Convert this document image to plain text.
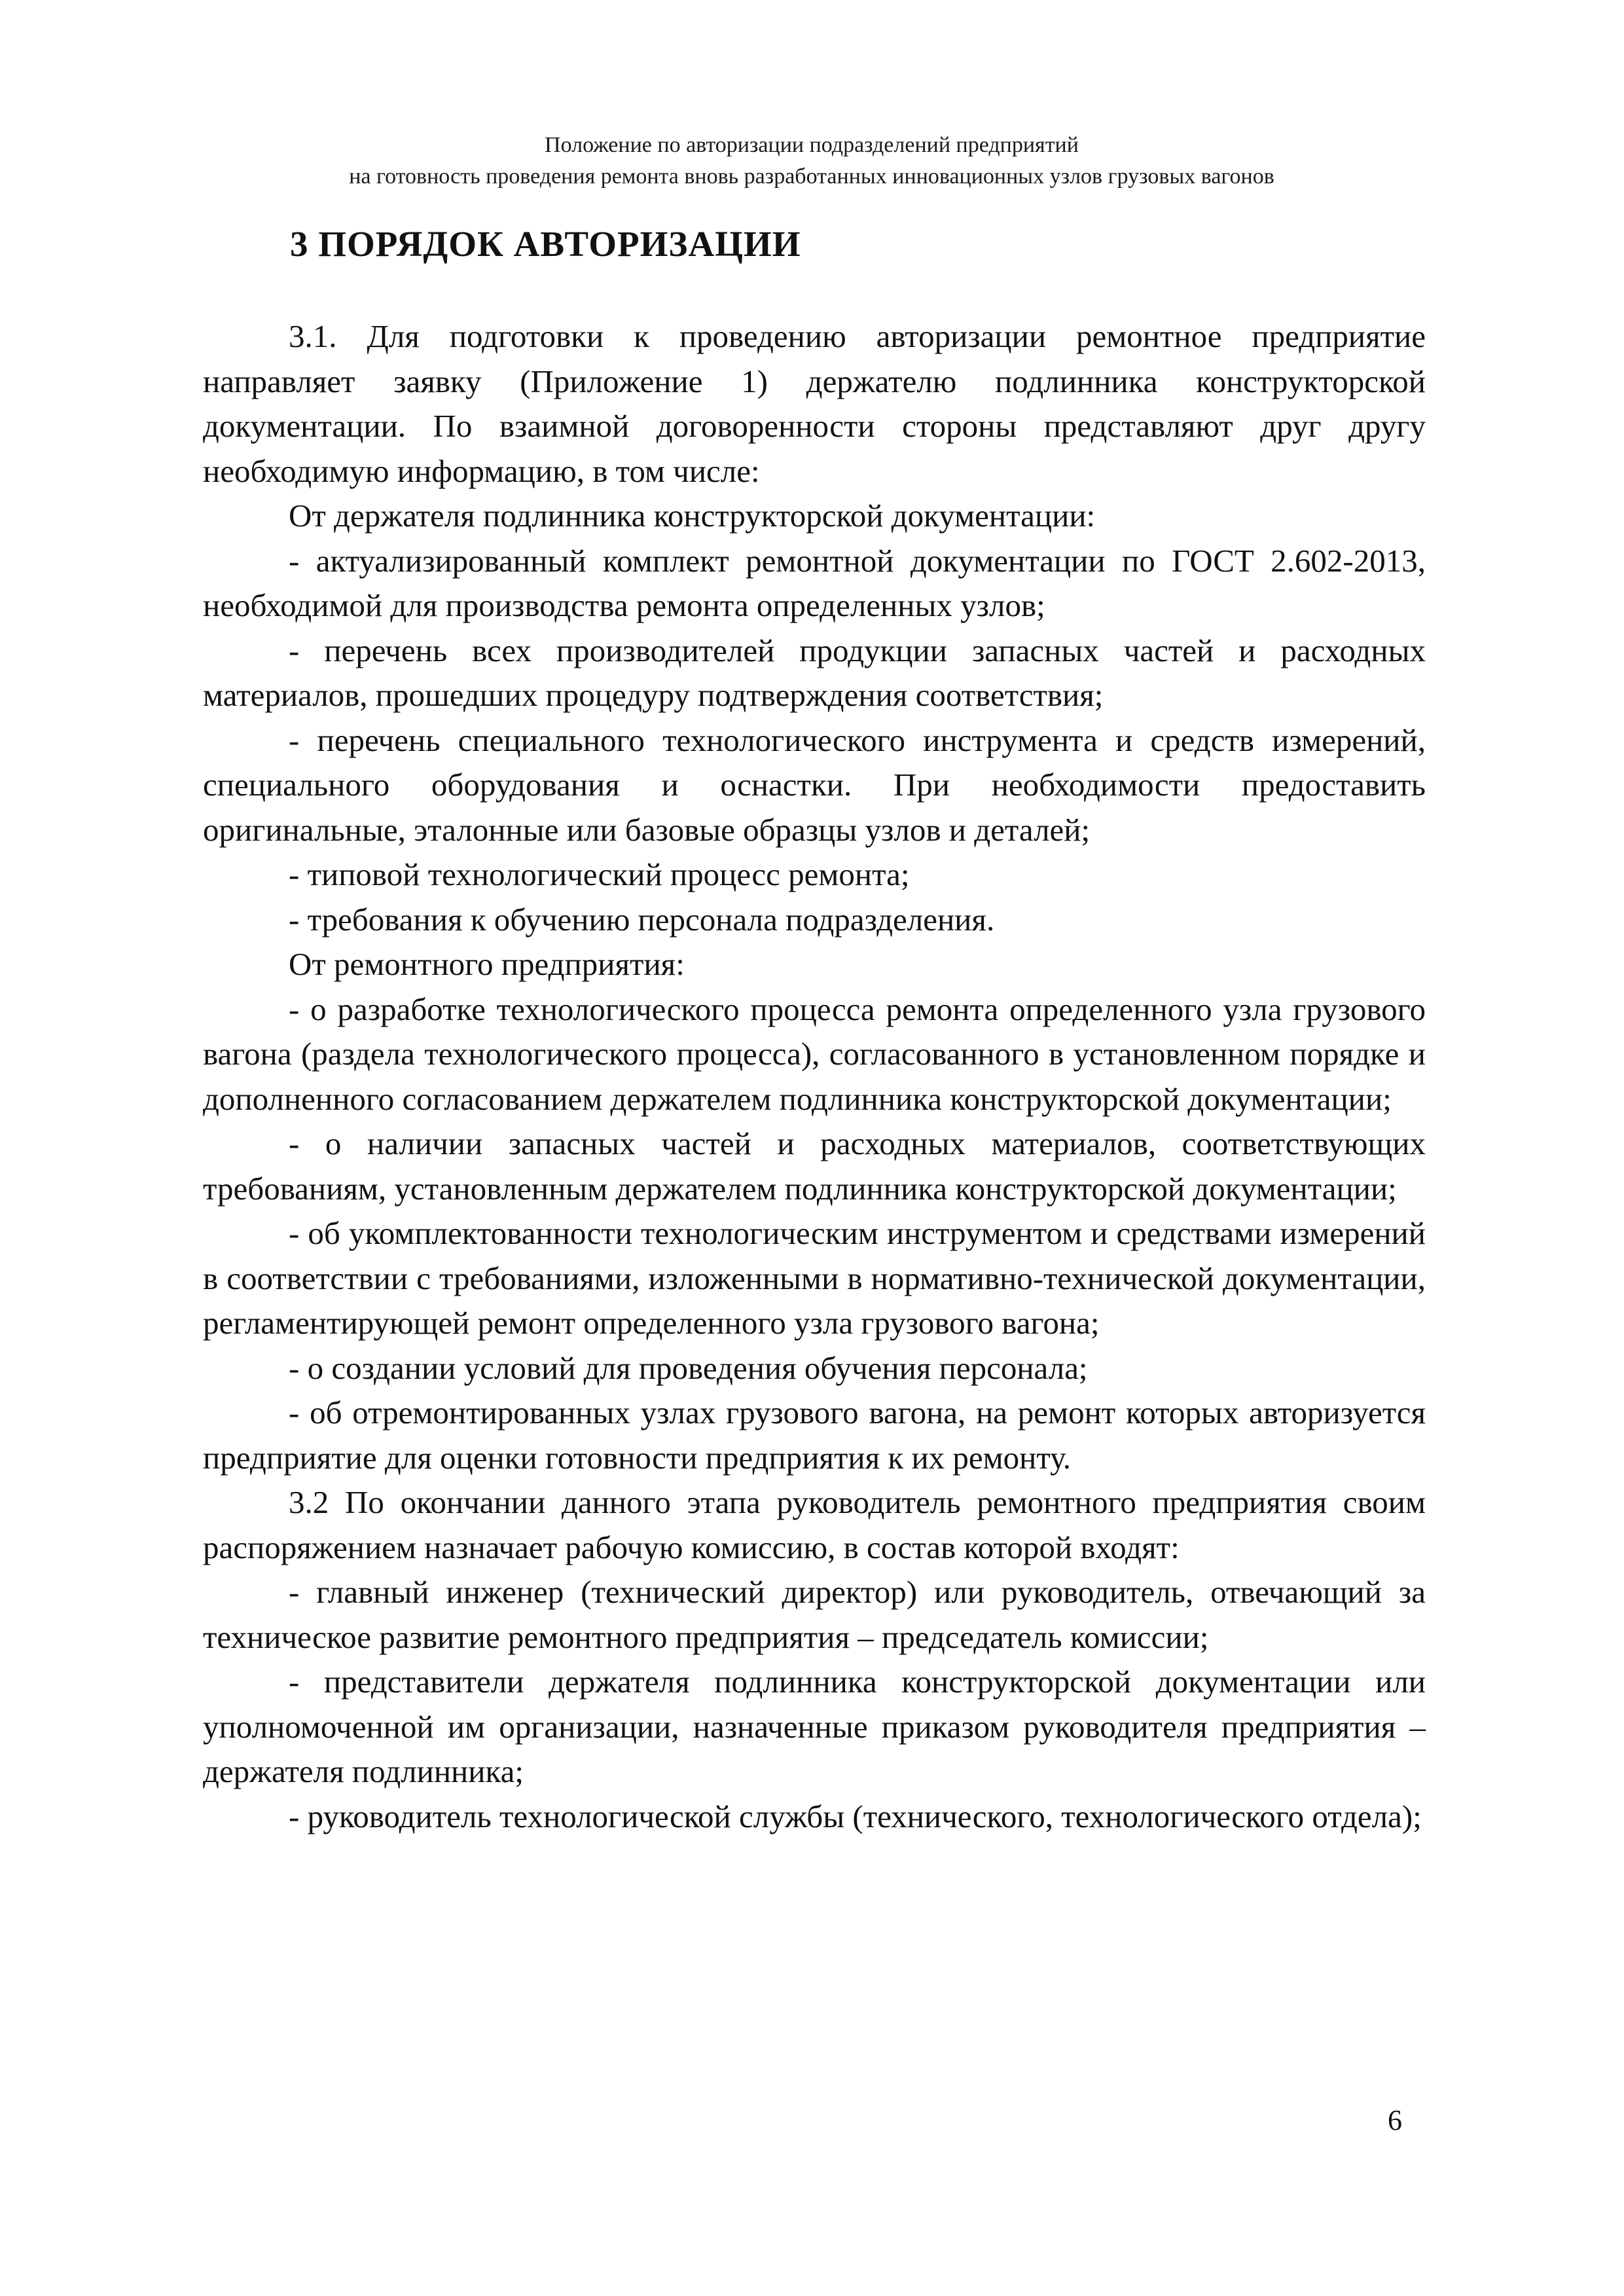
Положение по авторизации подразделений предприятий
на готовность проведения ремонта вновь разработанных инновационных узлов грузовых вагонов
3 ПОРЯДОК АВТОРИЗАЦИИ

3.1. Для подготовки к проведению авторизации ремонтное предприятие направляет заявку (Приложение 1) держателю подлинника конструкторской документации. По взаимной договоренности стороны представляют друг другу необходимую информацию, в том числе:

От держателя подлинника конструкторской документации:

- актуализированный комплект ремонтной документации по ГОСТ 2.602-2013, необходимой для производства ремонта определенных узлов;

- перечень всех производителей продукции запасных частей и расходных материалов, прошедших процедуру подтверждения соответствия;

- перечень специального технологического инструмента и средств измерений, специального оборудования и оснастки. При необходимости предоставить оригинальные, эталонные или базовые образцы узлов и деталей;

- типовой технологический процесс ремонта;

- требования к обучению персонала подразделения.

От ремонтного предприятия:

- о разработке технологического процесса ремонта определенного узла грузового вагона (раздела технологического процесса), согласованного в установленном порядке и дополненного согласованием держателем подлинника конструкторской документации;

- о наличии запасных частей и расходных материалов, соответствующих требованиям, установленным держателем подлинника конструкторской документации;

- об укомплектованности технологическим инструментом и средствами измерений в соответствии с требованиями, изложенными в нормативно-технической документации, регламентирующей ремонт определенного узла грузового вагона;

- о создании условий для проведения обучения персонала;

- об отремонтированных узлах грузового вагона, на ремонт которых авторизуется предприятие для оценки готовности предприятия к их ремонту.

3.2 По окончании данного этапа руководитель ремонтного предприятия своим распоряжением назначает рабочую комиссию, в состав которой входят:

- главный инженер (технический директор) или руководитель, отвечающий за техническое развитие ремонтного предприятия – председатель комиссии;

- представители держателя подлинника конструкторской документации или уполномоченной им организации, назначенные приказом руководителя предприятия – держателя подлинника;

- руководитель технологической службы (технического, технологического отдела);

6
